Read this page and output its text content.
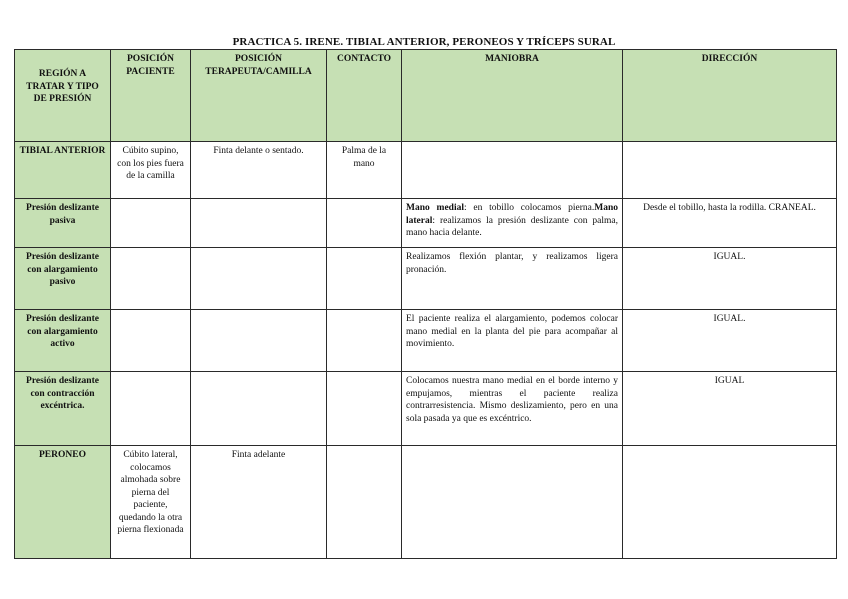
PRACTICA 5. IRENE. TIBIAL ANTERIOR, PERONEOS Y TRÍCEPS SURAL
REGIÓN A TRATAR Y TIPO DE PRESIÓN	POSICIÓN PACIENTE	POSICIÓN TERAPEUTA/CAMILLA	CONTACTO	MANIOBRA	DIRECCIÓN
TIBIAL ANTERIOR	Cúbito supino, con los pies fuera de la camilla	Finta delante o sentado.	Palma de la mano		
Presión deslizante pasiva				Mano medial: en tobillo colocamos pierna.Mano lateral: realizamos la presión deslizante con palma, mano hacia delante.	Desde el tobillo, hasta la rodilla. CRANEAL.
Presión deslizante con alargamiento pasivo				Realizamos flexión plantar, y realizamos ligera pronación.	IGUAL.
Presión deslizante con alargamiento activo				El paciente realiza el alargamiento, podemos colocar mano medial en la planta del pie para acompañar al movimiento.	IGUAL.
Presión deslizante con contracción excéntrica.				Colocamos nuestra mano medial en el borde interno y empujamos, mientras el paciente realiza contrarresistencia. Mismo deslizamiento, pero en una sola pasada ya que es excéntrico.	IGUAL
PERONEO	Cúbito lateral, colocamos almohada sobre pierna del paciente, quedando la otra pierna flexionada	Finta adelante			
